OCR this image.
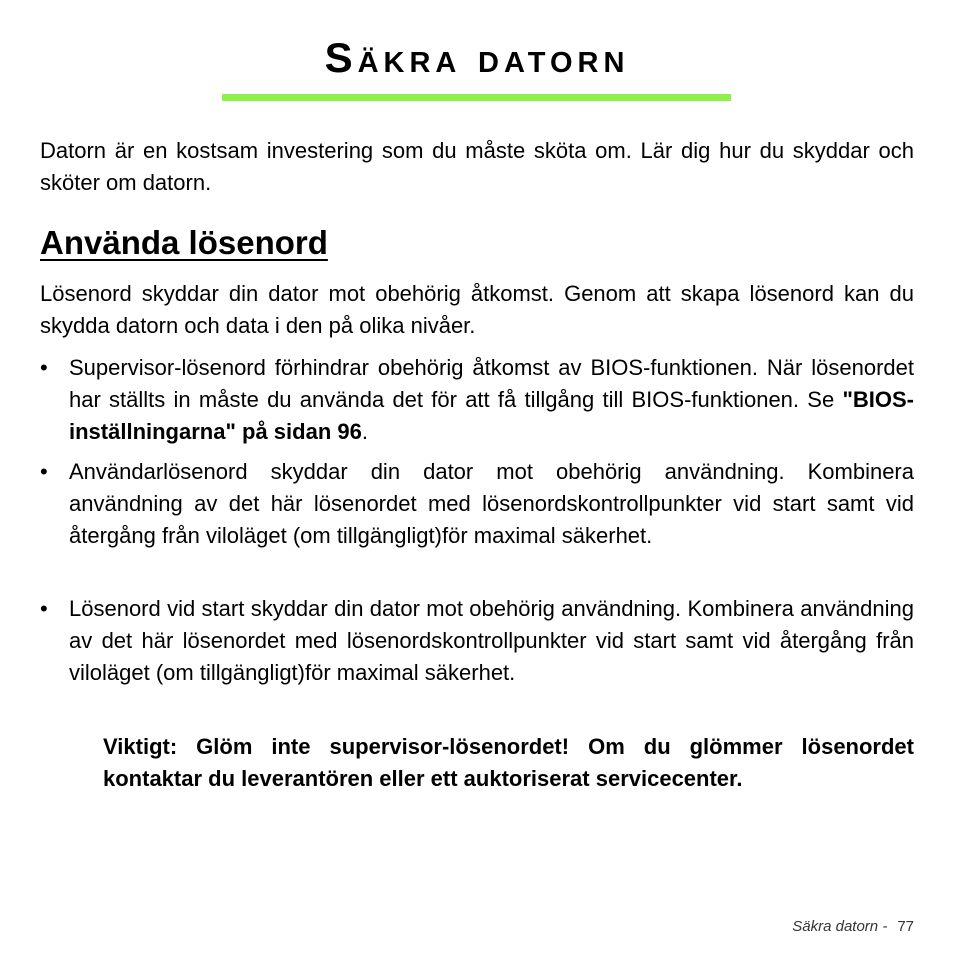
Säkra datorn
Datorn är en kostsam investering som du måste sköta om. Lär dig hur du skyddar och sköter om datorn.
Använda lösenord
Lösenord skyddar din dator mot obehörig åtkomst. Genom att skapa lösenord kan du skydda datorn och data i den på olika nivåer.
• Supervisor-lösenord förhindrar obehörig åtkomst av BIOS-funktionen. När lösenordet har ställts in måste du använda det för att få tillgång till BIOS-funktionen. Se "BIOS-inställningarna" på sidan 96.
• Användarlösenord skyddar din dator mot obehörig användning. Kombinera användning av det här lösenordet med lösenordskontrollpunkter vid start samt vid återgång från viloläget (om tillgängligt)för maximal säkerhet.
• Lösenord vid start skyddar din dator mot obehörig användning. Kombinera användning av det här lösenordet med lösenordskontrollpunkter vid start samt vid återgång från viloläget (om tillgängligt)för maximal säkerhet.
Viktigt: Glöm inte supervisor-lösenordet! Om du glömmer lösenordet kontaktar du leverantören eller ett auktoriserat servicecenter.
Säkra datorn - 77
